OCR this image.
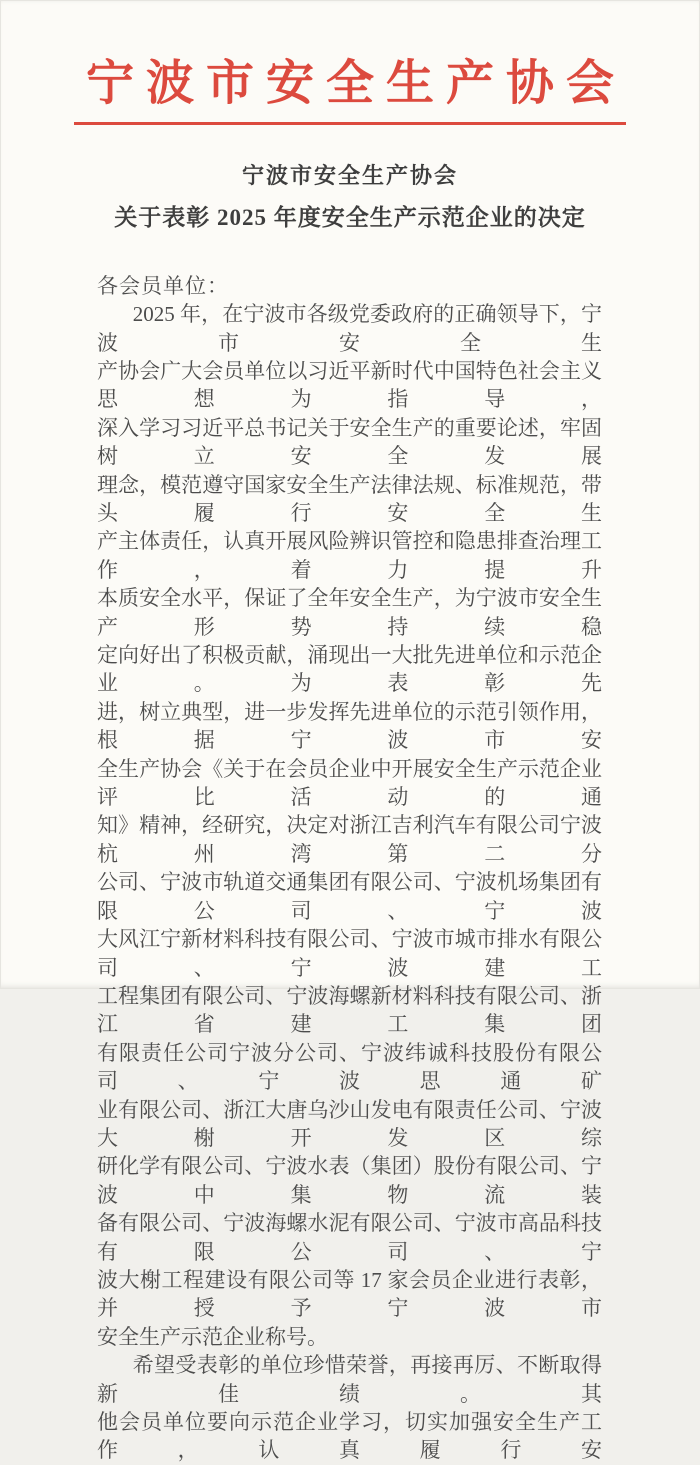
宁波市安全生产协会
宁波市安全生产协会
关于表彰 2025 年度安全生产示范企业的决定
各会员单位：
2025 年，在宁波市各级党委政府的正确领导下，宁波市安全生
产协会广大会员单位以习近平新时代中国特色社会主义思想为指导，
深入学习习近平总书记关于安全生产的重要论述，牢固树立安全发展
理念，模范遵守国家安全生产法律法规、标准规范，带头履行安全生
产主体责任，认真开展风险辨识管控和隐患排查治理工作，着力提升
本质安全水平，保证了全年安全生产，为宁波市安全生产形势持续稳
定向好出了积极贡献，涌现出一大批先进单位和示范企业。为表彰先
进，树立典型，进一步发挥先进单位的示范引领作用，根据宁波市安
全生产协会《关于在会员企业中开展安全生产示范企业评比活动的通
知》精神，经研究，决定对浙江吉利汽车有限公司宁波杭州湾第二分
公司、宁波市轨道交通集团有限公司、宁波机场集团有限公司、宁波
大风江宁新材料科技有限公司、宁波市城市排水有限公司、宁波建工
工程集团有限公司、宁波海螺新材料科技有限公司、浙江省建工集团
有限责任公司宁波分公司、宁波纬诚科技股份有限公司、宁波思通矿
业有限公司、浙江大唐乌沙山发电有限责任公司、宁波大榭开发区综
研化学有限公司、宁波水表（集团）股份有限公司、宁波中集物流装
备有限公司、宁波海螺水泥有限公司、宁波市高品科技有限公司、宁
波大榭工程建设有限公司等 17 家会员企业进行表彰，并授予宁波市
安全生产示范企业称号。
希望受表彰的单位珍惜荣誉，再接再厉、不断取得新佳绩。其
他会员单位要向示范企业学习，切实加强安全生产工作，认真履行安
